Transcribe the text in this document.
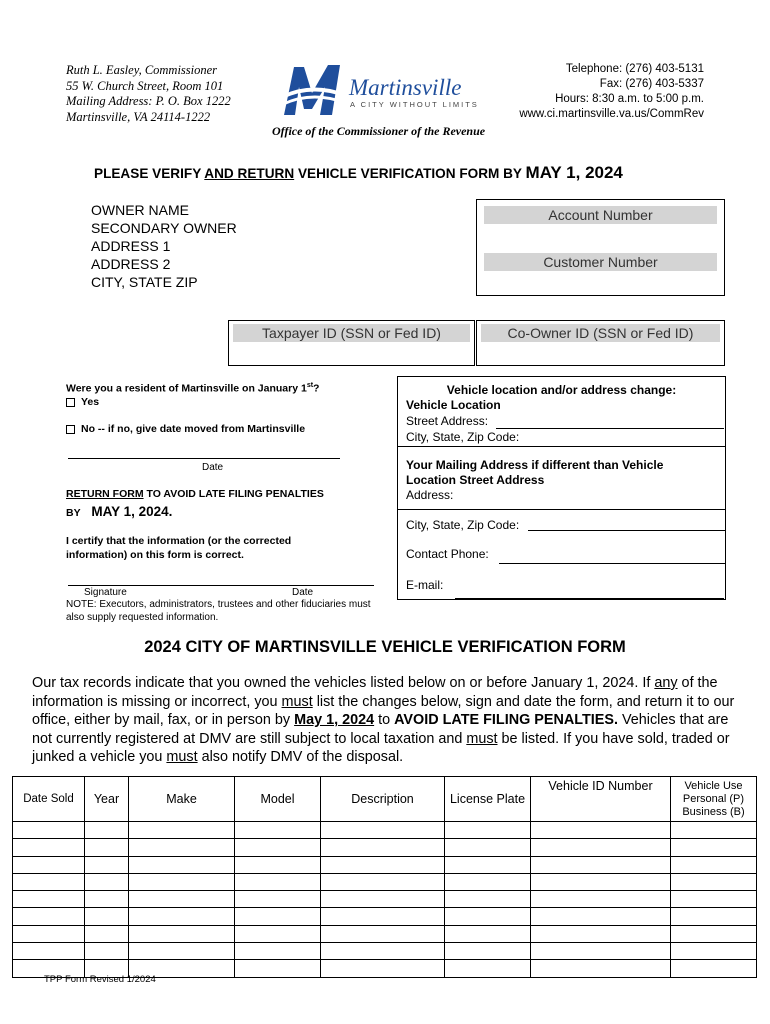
Ruth L. Easley, Commissioner
55 W. Church Street, Room 101
Mailing Address: P. O. Box 1222
Martinsville, VA 24114-1222
Martinsville
A CITY WITHOUT LIMITS
Office of the Commissioner of the Revenue
Telephone: (276) 403-5131
Fax: (276) 403-5337
Hours: 8:30 a.m. to 5:00 p.m.
www.ci.martinsville.va.us/CommRev
PLEASE VERIFY AND RETURN VEHICLE VERIFICATION FORM BY MAY 1, 2024
OWNER NAME
SECONDARY OWNER
ADDRESS 1
ADDRESS 2
CITY, STATE ZIP
Account Number
Customer Number
Taxpayer ID (SSN or Fed ID)	Co-Owner ID (SSN or Fed ID)
Were you a resident of Martinsville on January 1st?
Yes
No -- if no, give date moved from Martinsville
Date
RETURN FORM TO AVOID LATE FILING PENALTIES
BY MAY 1, 2024.
I certify that the information (or the corrected
information) on this form is correct.
Signature	Date
NOTE: Executors, administrators, trustees and other fiduciaries must
also supply requested information.
Vehicle location and/or address change:
Vehicle Location
Street Address:
City, State, Zip Code:
Your Mailing Address if different than Vehicle
Location Street Address
Address:
City, State, Zip Code:
Contact Phone:
E-mail:
2024 CITY OF MARTINSVILLE VEHICLE VERIFICATION FORM
Our tax records indicate that you owned the vehicles listed below on or before January 1, 2024. If any of the information is missing or incorrect, you must list the changes below, sign and date the form, and return it to our office, either by mail, fax, or in person by May 1, 2024 to AVOID LATE FILING PENALTIES. Vehicles that are not currently registered at DMV are still subject to local taxation and must be listed. If you have sold, traded or junked a vehicle you must also notify DMV of the disposal.
Date Sold	Year	Make	Model	Description	License Plate	Vehicle ID Number	Vehicle Use Personal (P) Business (B)

TPP Form Revised 1/2024
